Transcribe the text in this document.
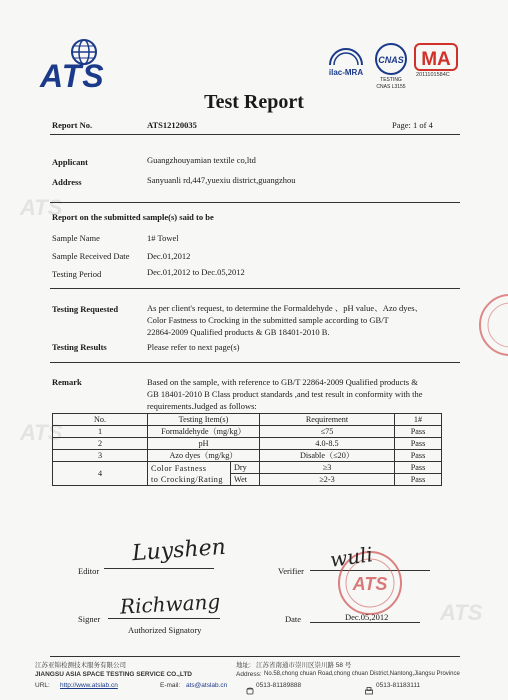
ATS
ATS
ATS
ATS	ilac-MRA
CNAS
TESTING
CNAS L3155
MA
2011101584C
Test Report
Report No.	ATS12120035	Page: 1 of 4
Applicant	Guangzhouyamian textile co,ltd
Address	Sanyuanli rd,447,yuexiu district,guangzhou
Report on the submitted sample(s) said to be
Sample Name	1# Towel
Sample Received Date Dec.01,2012
Testing Period	Dec.01,2012 to Dec.05,2012
Testing Requested	As per client's request, to determine the Formaldehyde 、pH value、Azo dyes、
Color Fastness to Crocking in the submitted sample according to GB/T
22864-2009 Qualified products & GB 18401-2010 B.
Testing Results	Please refer to next page(s)
Remark	Based on the sample, with reference to GB/T 22864-2009 Qualified products &
GB 18401-2010 B Class product standards ,and test result in conformity with the
requirements.Judged as follows:
No.	Testing Item(s)		Requirement	1#
1	Formaldehyde（mg/kg）		≤75	Pass
2	pH		4.0-8.5	Pass
3	Azo dyes（mg/kg）		Disable（≤20）	Pass
4	Color Fastness
to Crocking/Rating	Dry	≥3	Pass
		Wet	≥2-3	Pass
Editor
Luyshen
Verifier
ATS
wuli
Signer
Richwang
Authorized Signatory
Date	Dec.05,2012
江苏亚锦检测技术服务有限公司
JIANGSU ASIA SPACE TESTING SERVICE CO.,LTD
URL: http://www.atslab.cn	E-mail: ats@atslab.cn
地址: 江苏省南通市崇川区崇川路 58 号
Address: No.58,chong chuan Road,chong chuan District,Nantong,Jiangsu Province
0513-81189888	0513-81183111
